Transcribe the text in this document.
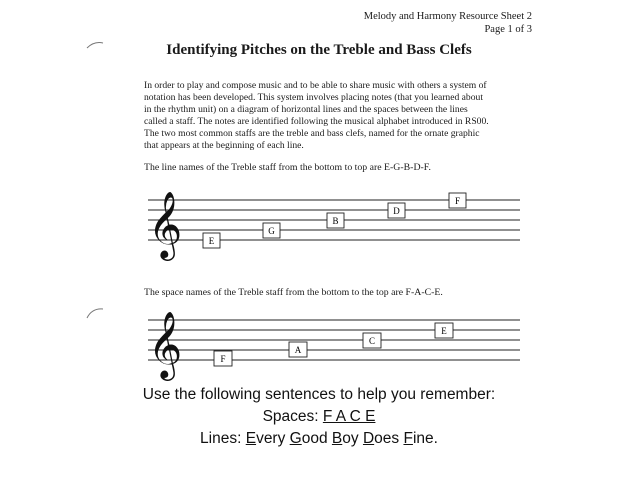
Melody and Harmony Resource Sheet 2
Page 1 of 3
Identifying Pitches on the Treble and Bass Clefs

In order to play and compose music and to be able to share music with others a system of

notation has been developed. This system involves placing notes (that you learned about

in the rhythm unit) on a diagram of horizontal lines and the spaces between the lines

called a staff. The notes are identified following the musical alphabet introduced in RS00.

The two most common staffs are the treble and bass clefs, named for the ornate graphic

that appears at the beginning of each line.

The line names of the Treble staff from the bottom to top are E-G-B-D-F.
𝄞	E
G
B
D
F
The space names of the Treble staff from the bottom to the top are F-A-C-E.
𝄞	F
A
C
E
Use the following sentences to help you remember:
Spaces: F A C E
Lines: Every Good Boy Does Fine.
